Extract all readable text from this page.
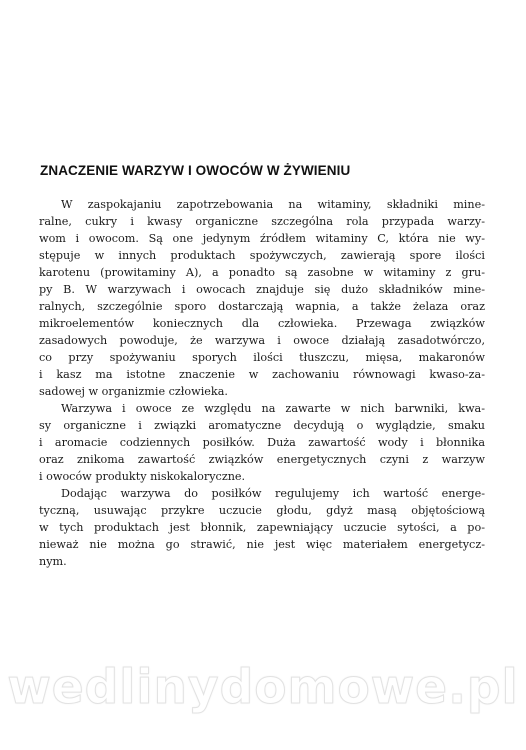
ZNACZENIE WARZYW I OWOCÓW W ŻYWIENIU

W zaspokajaniu zapotrzebowania na witaminy, składniki mine-
ralne, cukry i kwasy organiczne szczególna rola przypada warzy-
wom i owocom. Są one jedynym źródłem witaminy C, która nie wy-
stępuje w innych produktach spożywczych, zawierają spore ilości
karotenu (prowitaminy A), a ponadto są zasobne w witaminy z gru-
py B. W warzywach i owocach znajduje się dużo składników mine-
ralnych, szczególnie sporo dostarczają wapnia, a także żelaza oraz
mikroelementów koniecznych dla człowieka. Przewaga związków
zasadowych powoduje, że warzywa i owoce działają zasadotwórczo,
co przy spożywaniu sporych ilości tłuszczu, mięsa, makaronów
i kasz ma istotne znaczenie w zachowaniu równowagi kwaso-za-
sadowej w organizmie człowieka.

Warzywa i owoce ze względu na zawarte w nich barwniki, kwa-
sy organiczne i związki aromatyczne decydują o wyglądzie, smaku
i aromacie codziennych posiłków. Duża zawartość wody i błonnika
oraz znikoma zawartość związków energetycznych czyni z warzyw
i owoców produkty niskokaloryczne.

Dodając warzywa do posiłków regulujemy ich wartość energe-
tyczną, usuwając przykre uczucie głodu, gdyż masą objętościową
w tych produktach jest błonnik, zapewniający uczucie sytości, a po-
nieważ nie można go strawić, nie jest więc materiałem energetycz-
nym.

wedlinydomowe.pl
